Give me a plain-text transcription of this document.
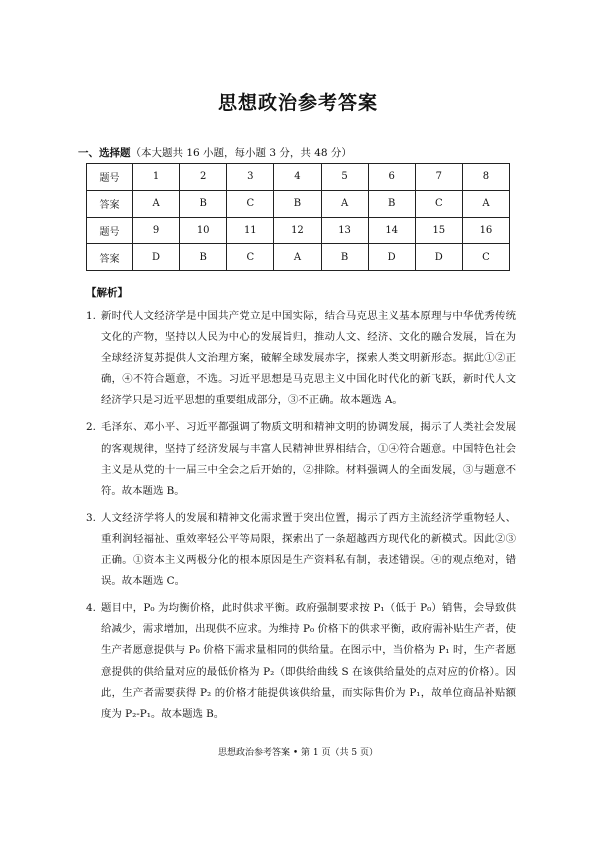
思想政治参考答案
一、选择题（本大题共 16 小题，每小题 3 分，共 48 分）
题号	1	2	3	4	5	6	7	8
答案	A	B	C	B	A	B	C	A
题号	9	10	11	12	13	14	15	16
答案	D	B	C	A	B	D	D	C
【解析】
1. 新时代人文经济学是中国共产党立足中国实际，结合马克思主义基本原理与中华优秀传统文化的产物，坚持以人民为中心的发展旨归，推动人文、经济、文化的融合发展，旨在为全球经济复苏提供人文治理方案，破解全球发展赤字，探索人类文明新形态。据此①②正确，④不符合题意，不选。习近平思想是马克思主义中国化时代化的新飞跃，新时代人文经济学只是习近平思想的重要组成部分，③不正确。故本题选 A。
2. 毛泽东、邓小平、习近平都强调了物质文明和精神文明的协调发展，揭示了人类社会发展的客观规律，坚持了经济发展与丰富人民精神世界相结合，①④符合题意。中国特色社会主义是从党的十一届三中全会之后开始的，②排除。材料强调人的全面发展，③与题意不符。故本题选 B。
3. 人文经济学将人的发展和精神文化需求置于突出位置，揭示了西方主流经济学重物轻人、重利润轻福祉、重效率轻公平等局限，探索出了一条超越西方现代化的新模式。因此②③正确。①资本主义两极分化的根本原因是生产资料私有制，表述错误。④的观点绝对，错误。故本题选 C。
4. 题目中，P₀ 为均衡价格，此时供求平衡。政府强制要求按 P₁（低于 P₀）销售，会导致供给减少，需求增加，出现供不应求。为维持 P₀ 价格下的供求平衡，政府需补贴生产者，使生产者愿意提供与 P₀ 价格下需求量相同的供给量。在图示中，当价格为 P₁ 时，生产者愿意提供的供给量对应的最低价格为 P₂（即供给曲线 S 在该供给量处的点对应的价格）。因此，生产者需要获得 P₂ 的价格才能提供该供给量，而实际售价为 P₁，故单位商品补贴额度为 P₂-P₁。故本题选 B。
思想政治参考答案 • 第 1 页（共 5 页）
